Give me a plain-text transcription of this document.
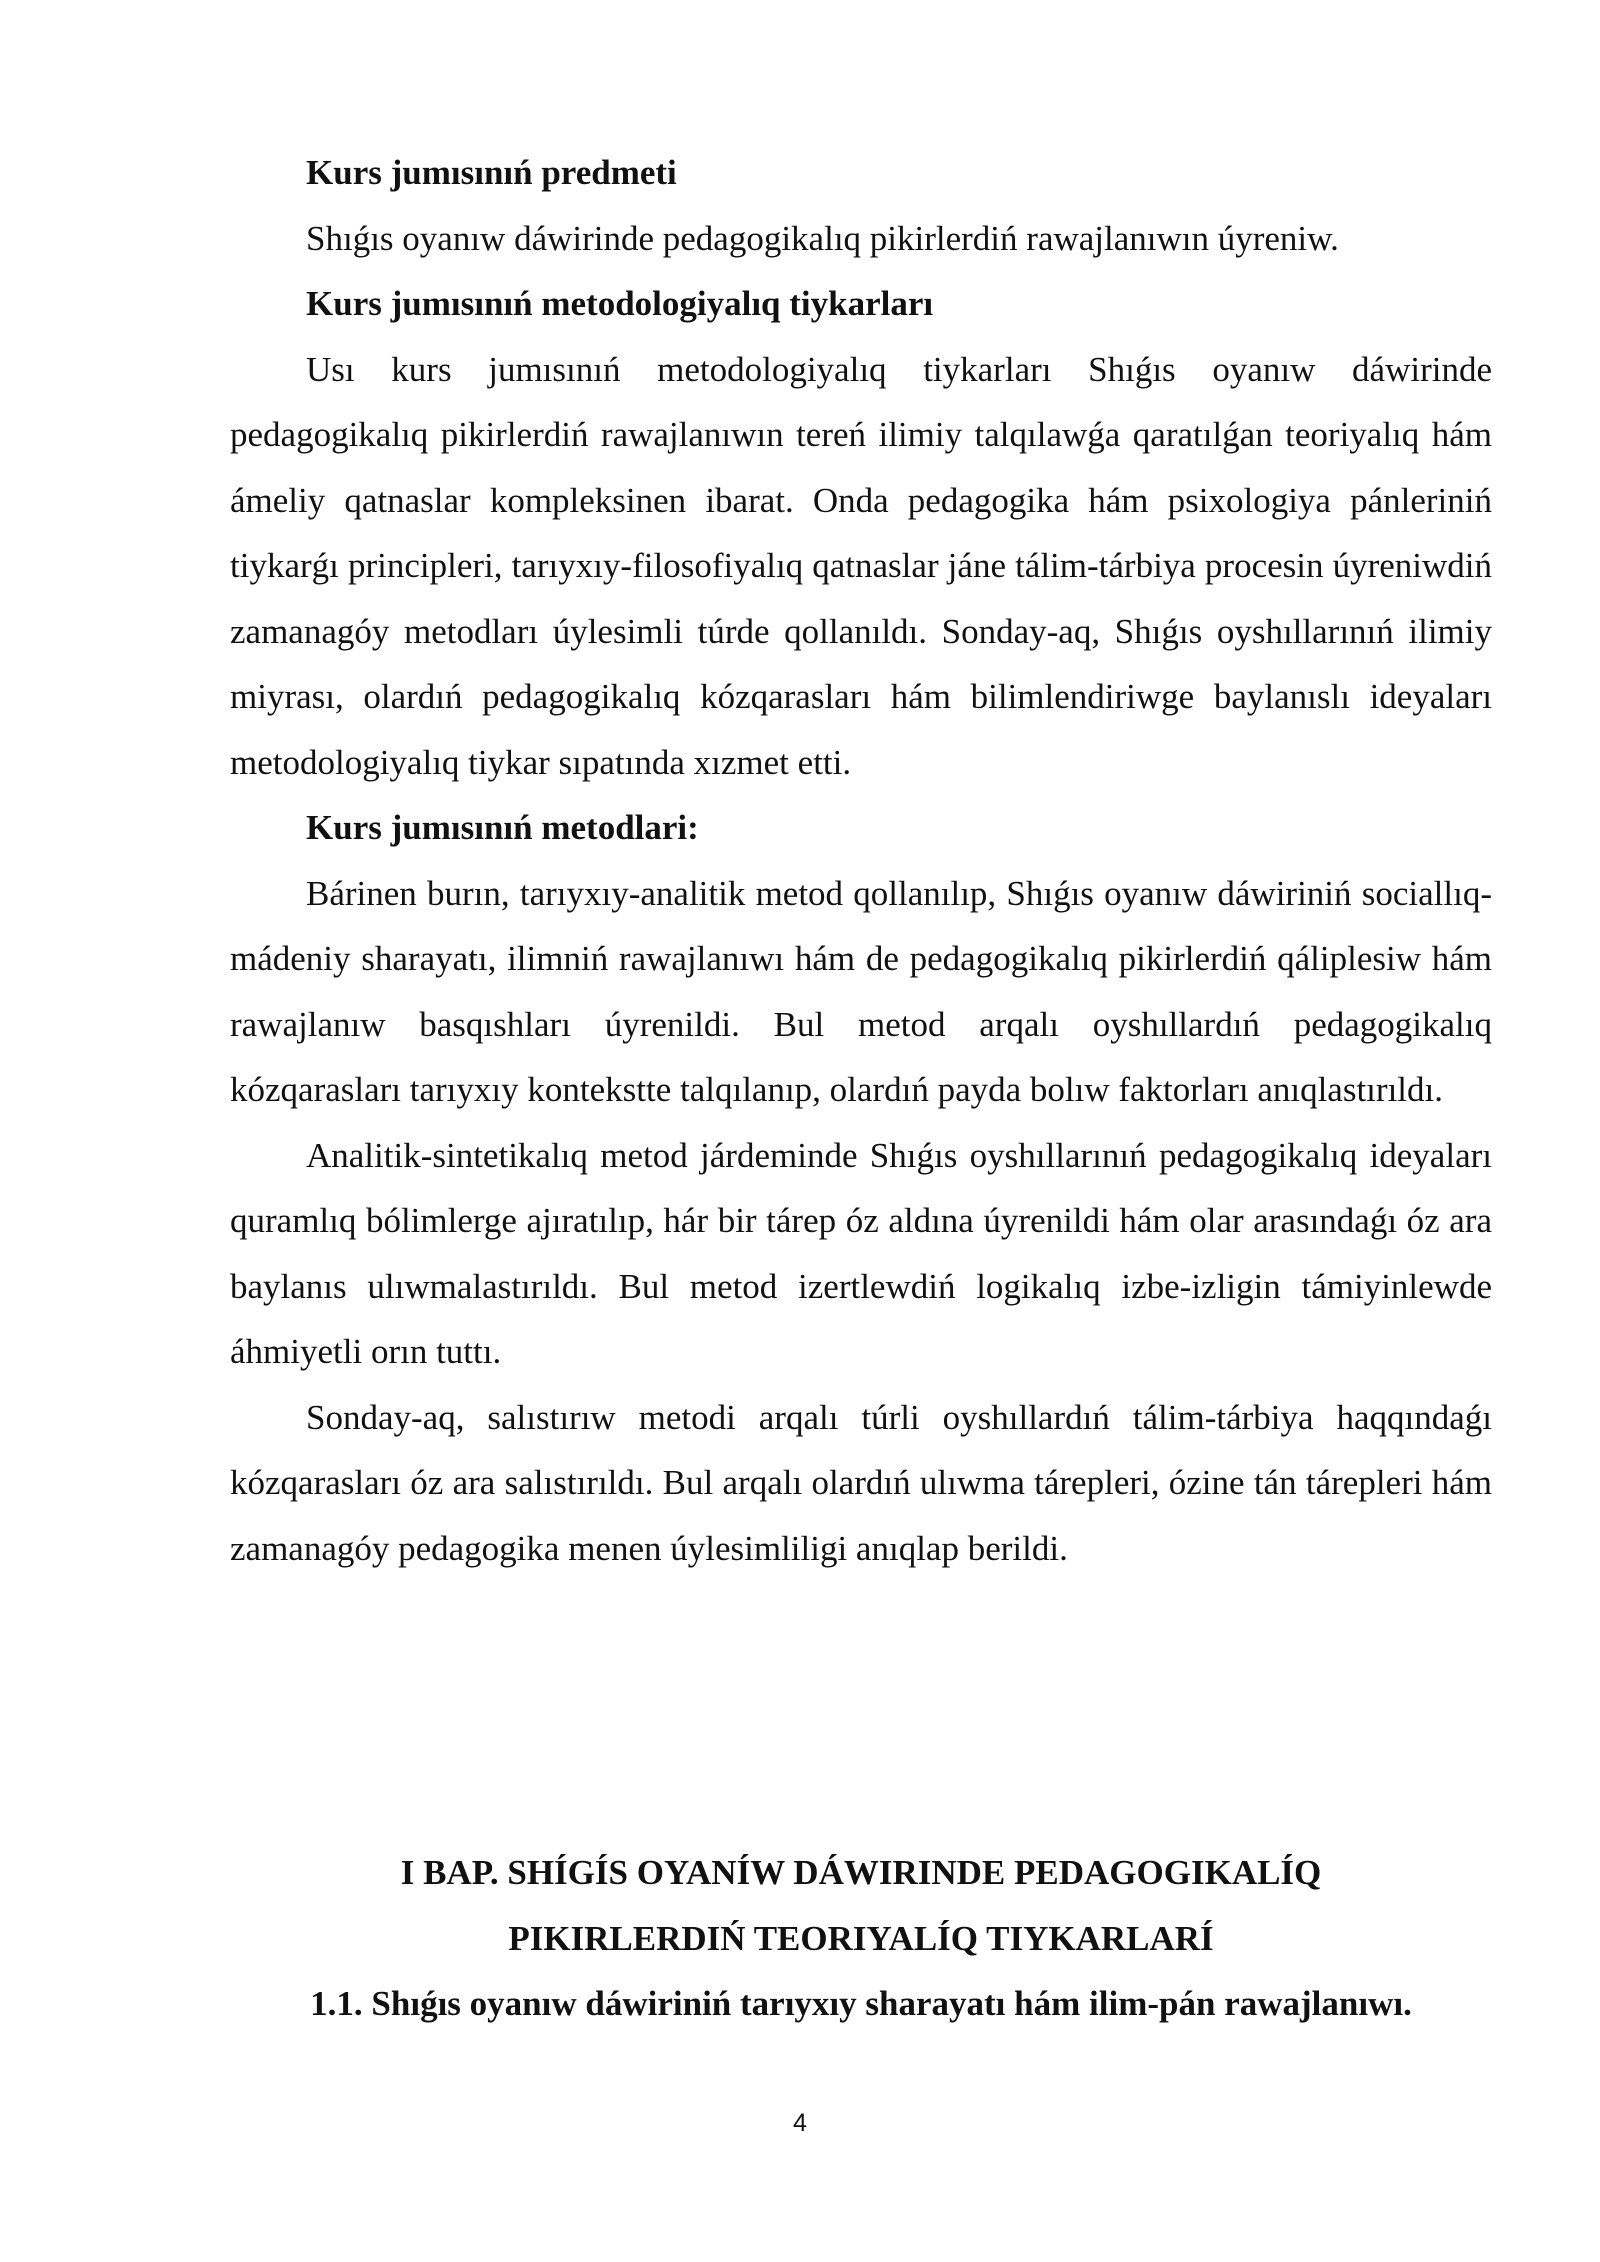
Kurs jumısınıń predmeti

Shıǵıs oyanıw dáwirinde pedagogikalıq pikirlerdiń rawajlanıwın úyreniw.

Kurs jumısınıń metodologiyalıq tiykarları

Usı kurs jumısınıń metodologiyalıq tiykarları Shıǵıs oyanıw dáwirinde pedagogikalıq pikirlerdiń rawajlanıwın tereń ilimiy talqılawǵa qaratılǵan teoriyalıq hám ámeliy qatnaslar kompleksinen ibarat. Onda pedagogika hám psixologiya pánleriniń tiykarǵı principleri, tarıyxıy-filosofiyalıq qatnaslar jáne tálim-tárbiya procesin úyreniwdiń zamanagóy metodları úylesimli túrde qollanıldı. Sonday-aq, Shıǵıs oyshıllarınıń ilimiy miyrası, olardıń pedagogikalıq kózqarasları hám bilimlendiriwge baylanıslı ideyaları metodologiyalıq tiykar sıpatında xızmet etti.

Kurs jumısınıń metodlari:

Bárinen burın, tarıyxıy-analitik metod qollanılıp, Shıǵıs oyanıw dáwiriniń sociallıq-mádeniy sharayatı, ilimniń rawajlanıwı hám de pedagogikalıq pikirlerdiń qáliplesiw hám rawajlanıw basqıshları úyrenildi. Bul metod arqalı oyshıllardıń pedagogikalıq kózqarasları tarıyxıy kontekstte talqılanıp, olardıń payda bolıw faktorları anıqlastırıldı.

Analitik-sintetikalıq metod járdeminde Shıǵıs oyshıllarınıń pedagogikalıq ideyaları quramlıq bólimlerge ajıratılıp, hár bir tárep óz aldına úyrenildi hám olar arasındaǵı óz ara baylanıs ulıwmalastırıldı. Bul metod izertlewdiń logikalıq izbe-izligin támiyinlewde áhmiyetli orın tuttı.

Sonday-aq, salıstırıw metodi arqalı túrli oyshıllardıń tálim-tárbiya haqqındaǵı kózqarasları óz ara salıstırıldı. Bul arqalı olardıń ulıwma tárepleri, ózine tán tárepleri hám zamanagóy pedagogika menen úylesimliligi anıqlap berildi.

I BAP. SHÍGÍS OYANÍW DÁWIRINDE PEDAGOGIKALÍQ
PIKIRLERDIŃ TEORIYALÍQ TIYKARLARÍ
1.1. Shıǵıs oyanıw dáwiriniń tarıyxıy sharayatı hám ilim-pán rawajlanıwı.
4
